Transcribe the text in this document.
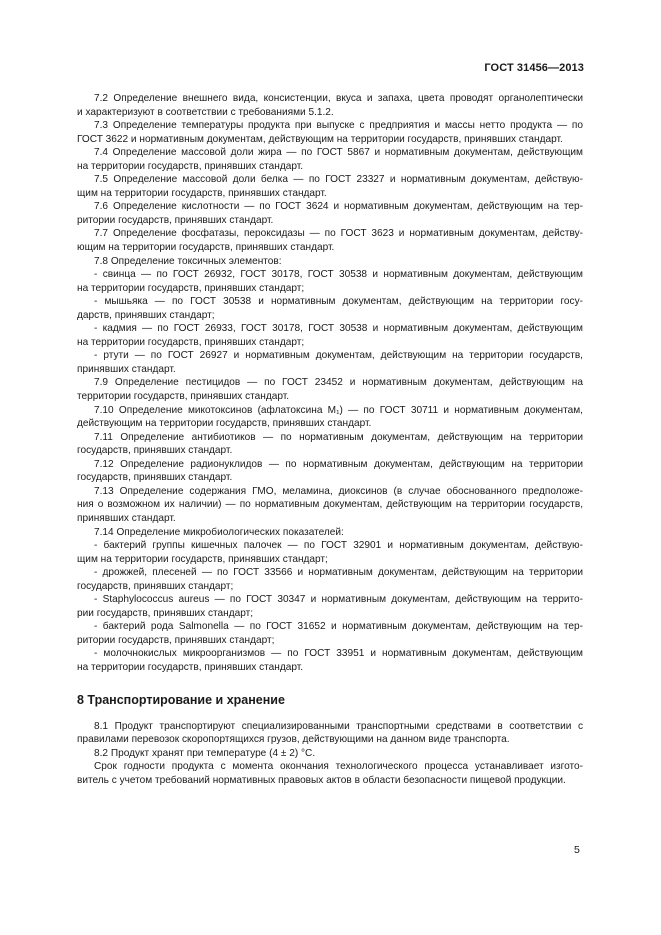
ГОСТ 31456—2013

7.2 Определение внешнего вида, консистенции, вкуса и запаха, цвета проводят органолептически
и характеризуют в соответствии с требованиями 5.1.2.

7.3 Определение температуры продукта при выпуске с предприятия и массы нетто продукта — по
ГОСТ 3622 и нормативным документам, действующим на территории государств, принявших стандарт.

7.4 Определение массовой доли жира — по ГОСТ 5867 и нормативным документам, действующим
на территории государств, принявших стандарт.

7.5 Определение массовой доли белка — по ГОСТ 23327 и нормативным документам, действую-
щим на территории государств, принявших стандарт.

7.6 Определение кислотности — по ГОСТ 3624 и нормативным документам, действующим на тер-
ритории государств, принявших стандарт.

7.7 Определение фосфатазы, пероксидазы — по ГОСТ 3623 и нормативным документам, действу-
ющим на территории государств, принявших стандарт.

7.8 Определение токсичных элементов:

- свинца — по ГОСТ 26932, ГОСТ 30178, ГОСТ 30538 и нормативным документам, действующим
на территории государств, принявших стандарт;

- мышьяка — по ГОСТ 30538 и нормативным документам, действующим на территории госу-
дарств, принявших стандарт;

- кадмия — по ГОСТ 26933, ГОСТ 30178, ГОСТ 30538 и нормативным документам, действующим
на территории государств, принявших стандарт;

- ртути — по ГОСТ 26927 и нормативным документам, действующим на территории государств,
принявших стандарт.

7.9 Определение пестицидов — по ГОСТ 23452 и нормативным документам, действующим на
территории государств, принявших стандарт.

7.10 Определение микотоксинов (афлатоксина M₁) — по ГОСТ 30711 и нормативным документам,
действующим на территории государств, принявших стандарт.

7.11 Определение антибиотиков — по нормативным документам, действующим на территории
государств, принявших стандарт.

7.12 Определение радионуклидов — по нормативным документам, действующим на территории
государств, принявших стандарт.

7.13 Определение содержания ГМО, меламина, диоксинов (в случае обоснованного предположе-
ния о возможном их наличии) — по нормативным документам, действующим на территории государств, принявших стандарт.

7.14 Определение микробиологических показателей:

- бактерий группы кишечных палочек — по ГОСТ 32901 и нормативным документам, действую-
щим на территории государств, принявших стандарт;

- дрожжей, плесеней — по ГОСТ 33566 и нормативным документам, действующим на территории
государств, принявших стандарт;

- Staphylococcus aureus — по ГОСТ 30347 и нормативным документам, действующим на террито-
рии государств, принявших стандарт;

- бактерий рода Salmonella — по ГОСТ 31652 и нормативным документам, действующим на тер-
ритории государств, принявших стандарт;

- молочнокислых микроорганизмов — по ГОСТ 33951 и нормативным документам, действующим
на территории государств, принявших стандарт.

8 Транспортирование и хранение

8.1 Продукт транспортируют специализированными транспортными средствами в соответствии с
правилами перевозок скоропортящихся грузов, действующими на данном виде транспорта.

8.2 Продукт хранят при температуре (4 ± 2) °С.

Срок годности продукта с момента окончания технологического процесса устанавливает изгото-
витель с учетом требований нормативных правовых актов в области безопасности пищевой продукции.

5
